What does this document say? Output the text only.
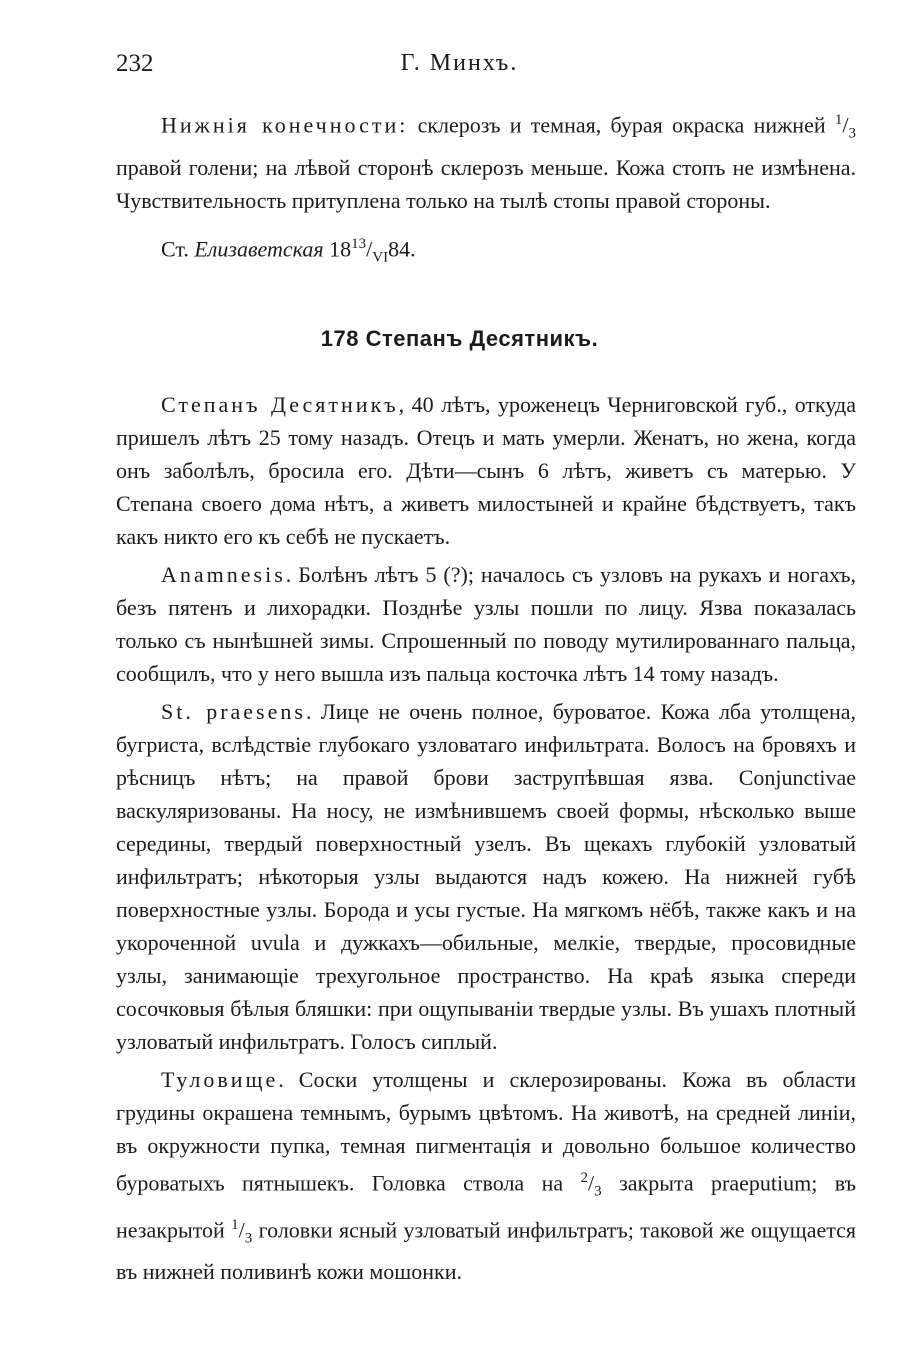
232	Г. Минхъ.

Нижнія конечности: склерозъ и темная, бурая окраска нижней $^1/_3$ правой голени; на лѣвой сторонѣ склерозъ меньше. Кожа стопъ не измѣнена. Чувствительность притуплена только на тылѣ стопы правой стороны.

Ст. Елизаветская $18^{13}/_{VI}84$.
178 Степанъ Десятникъ.

Степанъ Десятникъ, 40 лѣтъ, уроженецъ Черниговской губ., откуда пришелъ лѣтъ 25 тому назадъ. Отецъ и мать умерли. Женатъ, но жена, когда онъ заболѣлъ, бросила его. Дѣти—сынъ 6 лѣтъ, живетъ съ матерью. У Степана своего дома нѣтъ, а живетъ милостыней и крайне бѣдствуетъ, такъ какъ никто его къ себѣ не пускаетъ.

Anamnesis. Болѣнъ лѣтъ 5 (?); началось съ узловъ на рукахъ и ногахъ, безъ пятенъ и лихорадки. Позднѣе узлы пошли по лицу. Язва показалась только съ нынѣшней зимы. Спрошенный по поводу мутилированнаго пальца, сообщилъ, что у него вышла изъ пальца косточка лѣтъ 14 тому назадъ.

St. praesens. Лице не очень полное, буроватое. Кожа лба утолщена, бугриста, вслѣдствіе глубокаго узловатаго инфильтрата. Волосъ на бровяхъ и рѣсницъ нѣтъ; на правой брови заструпѣвшая язва. Conjunctivae васкуляризованы. На носу, не измѣнившемъ своей формы, нѣсколько выше середины, твердый поверхностный узелъ. Въ щекахъ глубокій узловатый инфильтратъ; нѣкоторыя узлы выдаются надъ кожею. На нижней губѣ поверхностные узлы. Борода и усы густые. На мягкомъ нёбѣ, также какъ и на укороченной uvula и дужкахъ—обильные, мелкіе, твердые, просовидные узлы, занимающіе трехугольное пространство. На краѣ языка спереди сосочковыя бѣлыя бляшки: при ощупываніи твердые узлы. Въ ушахъ плотный узловатый инфильтратъ. Голосъ сиплый.

Туловище. Соски утолщены и склерозированы. Кожа въ области грудины окрашена темнымъ, бурымъ цвѣтомъ. На животѣ, на средней линіи, въ окружности пупка, темная пигментація и довольно большое количество буроватыхъ пятнышекъ. Головка ствола на $^2/_3$ закрыта praeputium; въ незакрытой $^1/_3$ головки ясный узловатый инфильтратъ; таковой же ощущается въ нижней поливинѣ кожи мошонки.
